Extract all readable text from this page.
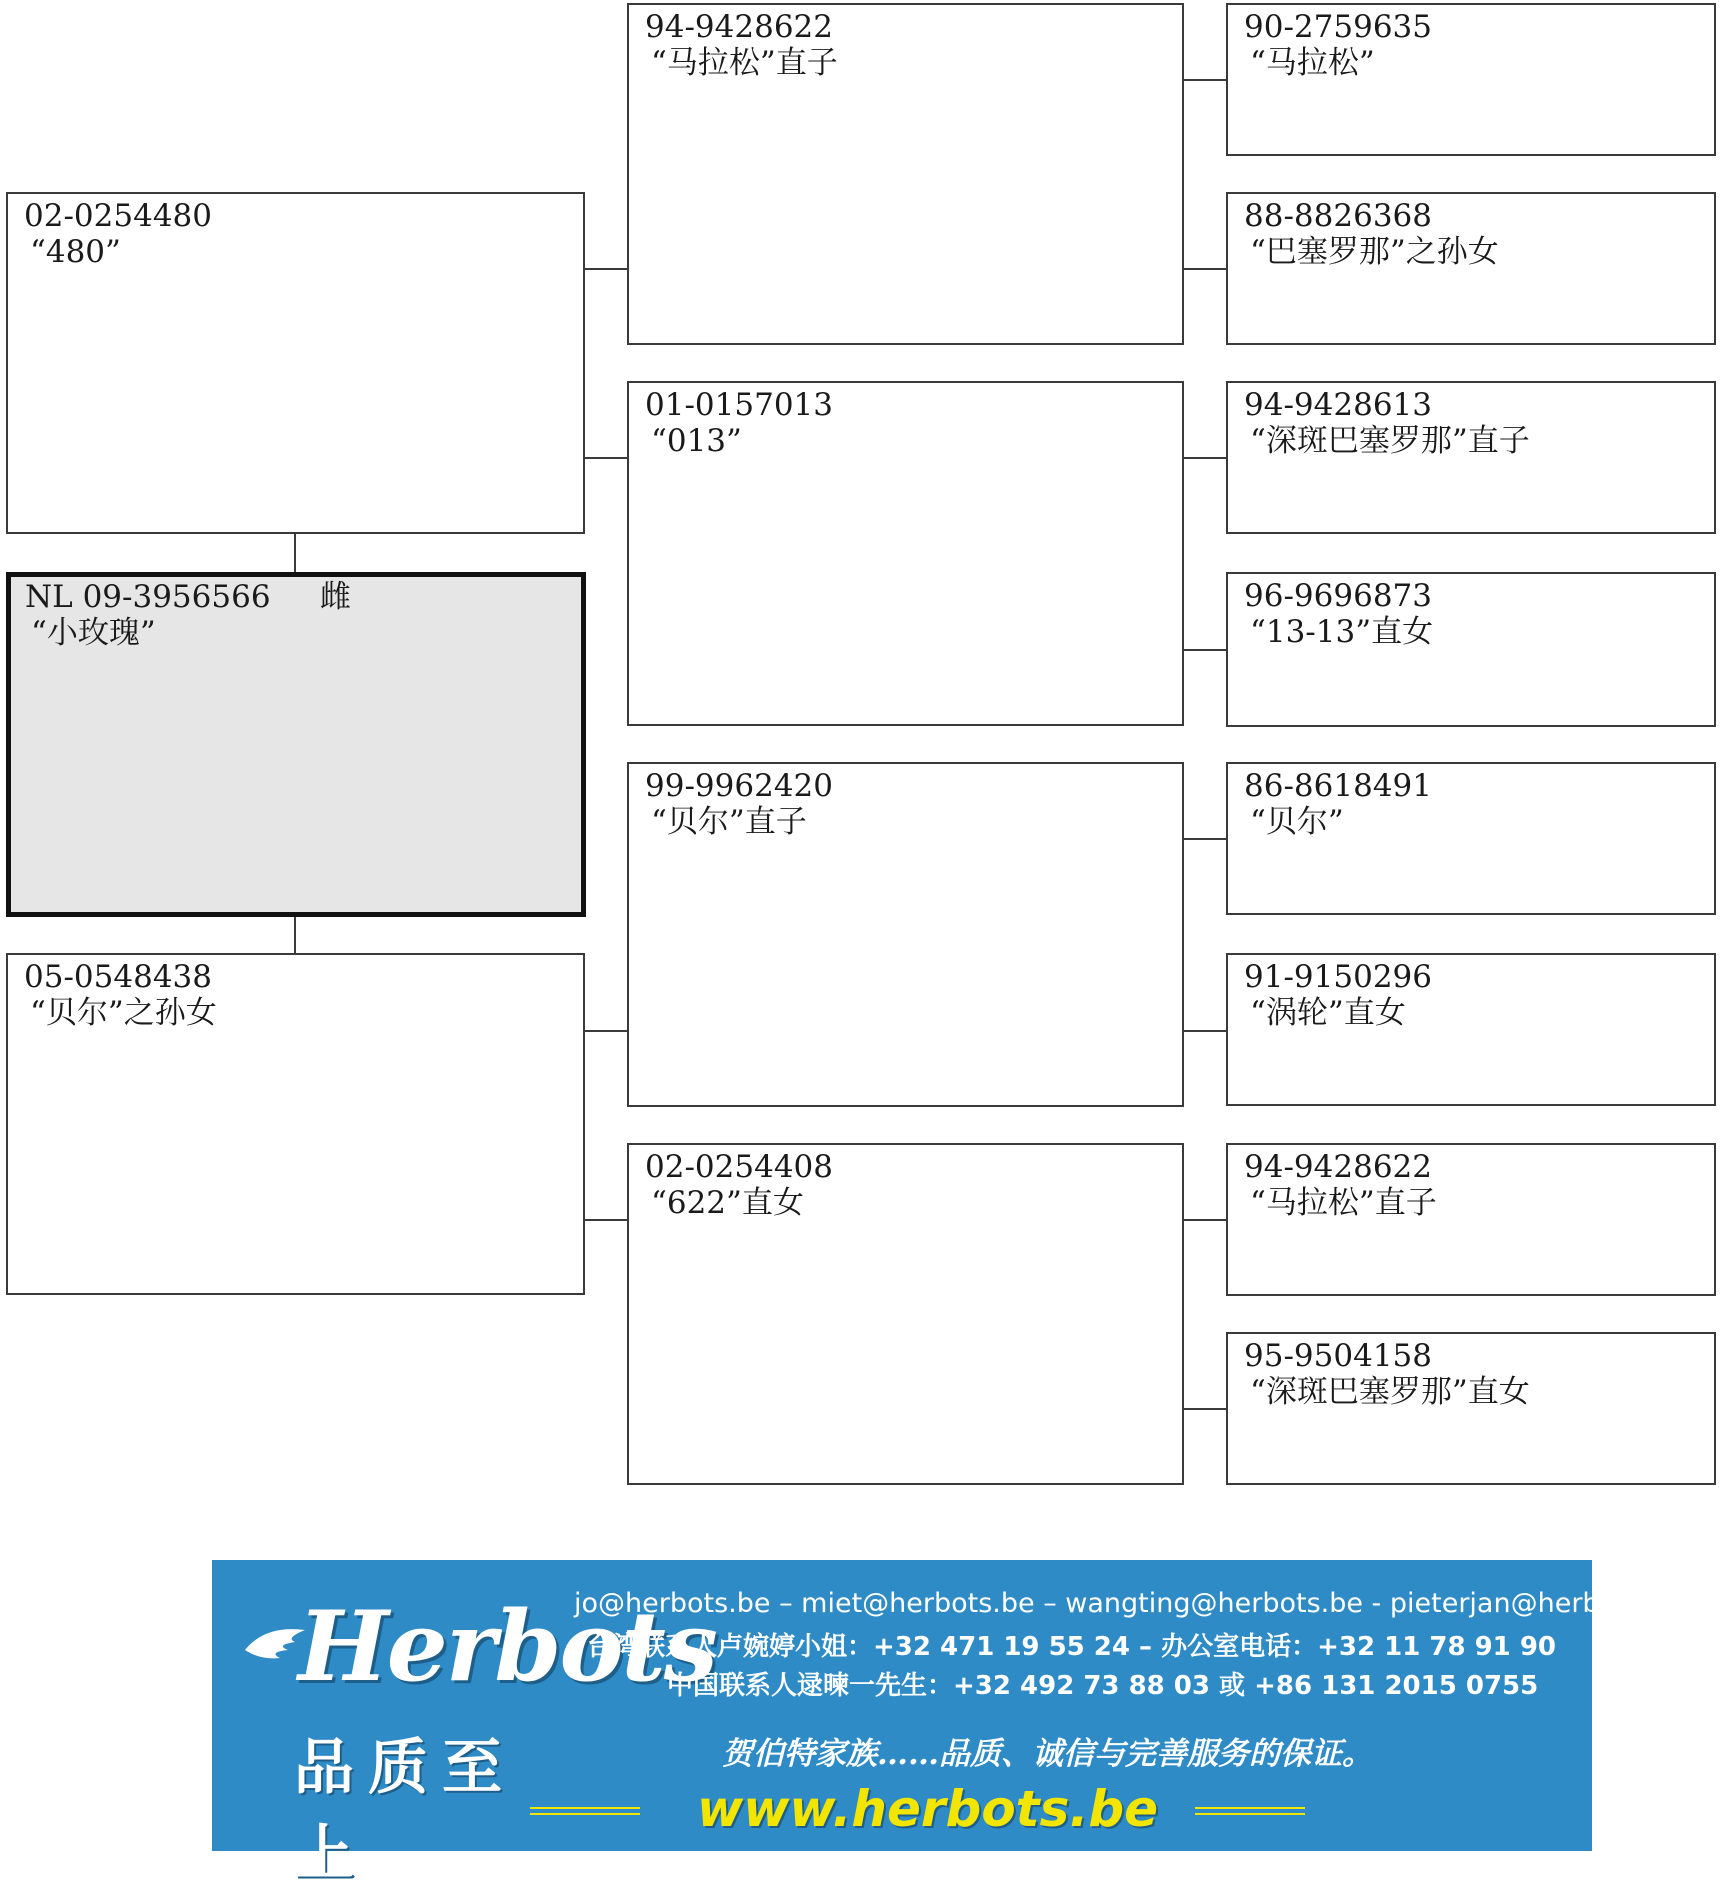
NL 09-3956566 雌
“小玫瑰”
02-0254480
“480”
05-0548438
“贝尔”之孙女
94-9428622
“马拉松”直子
01-0157013
“013”
99-9962420
“贝尔”直子
02-0254408
“622”直女
90-2759635
“马拉松”
88-8826368
“巴塞罗那”之孙女
94-9428613
“深斑巴塞罗那”直子
96-9696873
“13-13”直女
86-8618491
“贝尔”
91-9150296
“涡轮”直女
94-9428622
“马拉松”直子
95-9504158
“深斑巴塞罗那”直女
Herbots
品质至上
jo@herbots.be – miet@herbots.be – wangting@herbots.be - pieterjan@herbots.be
台湾联系人卢婉婷小姐：+32 471 19 55 24 – 办公室电话：+32 11 78 91 90
中国联系人逯暕一先生：+32 492 73 88 03 或 +86 131 2015 0755
贺伯特家族……品质、诚信与完善服务的保证。
www.herbots.be
